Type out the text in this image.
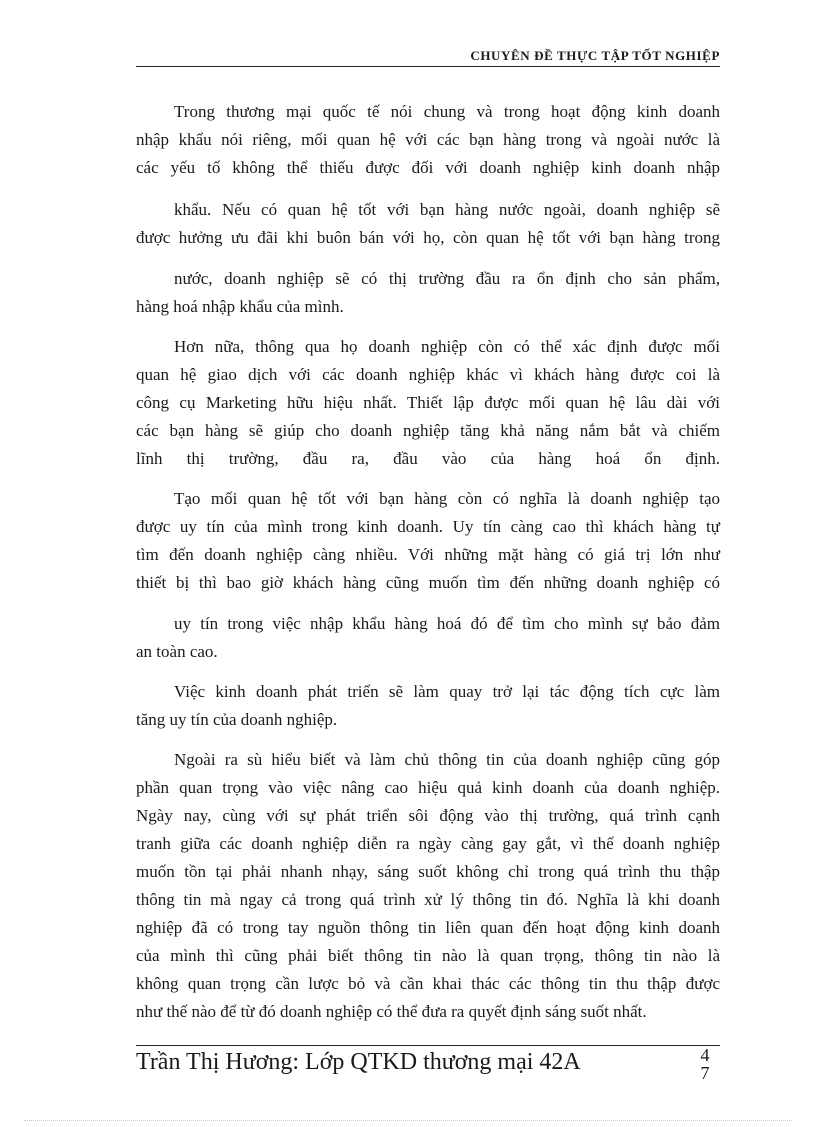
CHUYÊN ĐỀ THỰC TẬP TỐT NGHIỆP
Trong thương mại quốc tế nói chung và trong hoạt động kinh doanh
nhập khẩu nói riêng, mối quan hệ với các bạn hàng trong và ngoài nước là
các yếu tố không thể thiếu được đối với doanh nghiệp kinh doanh nhập
khẩu. Nếu có quan hệ tốt với bạn hàng nước ngoài, doanh nghiệp sẽ
được hưởng ưu đãi khi buôn bán với họ, còn quan hệ tốt với bạn hàng trong
nước, doanh nghiệp sẽ có thị trường đầu ra ổn định cho sản phẩm,
hàng hoá nhập khẩu của mình.
Hơn nữa, thông qua họ doanh nghiệp còn có thể xác định được mối
quan hệ giao dịch với các doanh nghiệp khác vì khách hàng được coi là
công cụ Marketing hữu hiệu nhất. Thiết lập được mối quan hệ lâu dài với
các bạn hàng sẽ giúp cho doanh nghiệp tăng khả năng nắm bắt và chiếm
lĩnh thị trường, đầu ra, đầu vào của hàng hoá ổn định.
Tạo mối quan hệ tốt với bạn hàng còn có nghĩa là doanh nghiệp tạo
được uy tín của mình trong kinh doanh. Uy tín càng cao thì khách hàng tự
tìm đến doanh nghiệp càng nhiều. Với những mặt hàng có giá trị lớn như
thiết bị thì bao giờ khách hàng cũng muốn tìm đến những doanh nghiệp có
uy tín trong việc nhập khẩu hàng hoá đó để tìm cho mình sự bảo đảm
an toàn cao.
Việc kinh doanh phát triển sẽ làm quay trở lại tác động tích cực làm
tăng uy tín của doanh nghiệp.
Ngoài ra sù hiểu biết và làm chủ thông tin của doanh nghiệp cũng góp
phần quan trọng vào việc nâng cao hiệu quả kinh doanh của doanh nghiệp.
Ngày nay, cùng với sự phát triển sôi động vào thị trường, quá trình cạnh
tranh giữa các doanh nghiệp diễn ra ngày càng gay gắt, vì thế doanh nghiệp
muốn tồn tại phải nhanh nhạy, sáng suốt không chỉ trong quá trình thu thập
thông tin mà ngay cả trong quá trình xử lý thông tin đó. Nghĩa là khi doanh
nghiệp đã có trong tay nguồn thông tin liên quan đến hoạt động kinh doanh
của mình thì cũng phải biết thông tin nào là quan trọng, thông tin nào là
không quan trọng cần lược bỏ và cần khai thác các thông tin thu thập được
như thế nào để từ đó doanh nghiệp có thể đưa ra quyết định sáng suốt nhất.
Trần Thị Hương: Lớp QTKD thương mại 42A	4
7
